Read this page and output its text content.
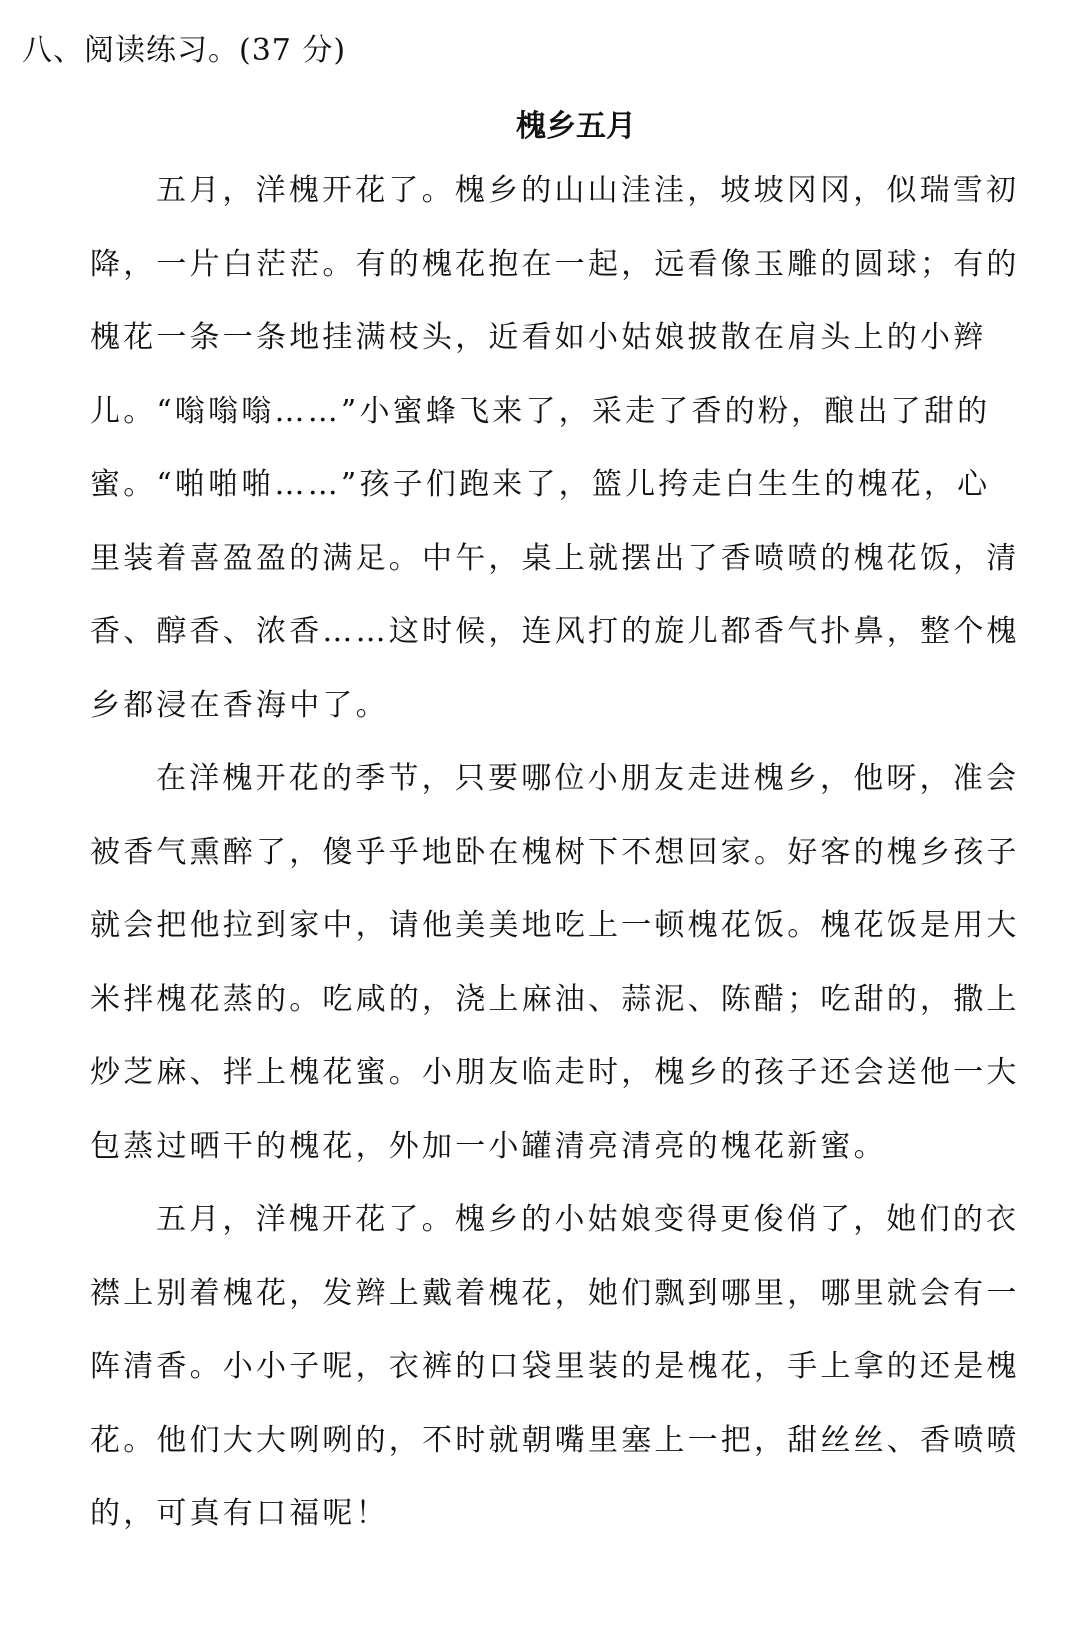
八、阅读练习。(37 分)
槐乡五月
五月，洋槐开花了。槐乡的山山洼洼，坡坡冈冈，似瑞雪初
降，一片白茫茫。有的槐花抱在一起，远看像玉雕的圆球；有的
槐花一条一条地挂满枝头，近看如小姑娘披散在肩头上的小辫
儿。“嗡嗡嗡……”小蜜蜂飞来了，采走了香的粉，酿出了甜的
蜜。“啪啪啪……”孩子们跑来了，篮儿挎走白生生的槐花，心
里装着喜盈盈的满足。中午，桌上就摆出了香喷喷的槐花饭，清
香、醇香、浓香……这时候，连风打的旋儿都香气扑鼻，整个槐
乡都浸在香海中了。
在洋槐开花的季节，只要哪位小朋友走进槐乡，他呀，准会
被香气熏醉了，傻乎乎地卧在槐树下不想回家。好客的槐乡孩子
就会把他拉到家中，请他美美地吃上一顿槐花饭。槐花饭是用大
米拌槐花蒸的。吃咸的，浇上麻油、蒜泥、陈醋；吃甜的，撒上
炒芝麻、拌上槐花蜜。小朋友临走时，槐乡的孩子还会送他一大
包蒸过晒干的槐花，外加一小罐清亮清亮的槐花新蜜。
五月，洋槐开花了。槐乡的小姑娘变得更俊俏了，她们的衣
襟上别着槐花，发辫上戴着槐花，她们飘到哪里，哪里就会有一
阵清香。小小子呢，衣裤的口袋里装的是槐花，手上拿的还是槐
花。他们大大咧咧的，不时就朝嘴里塞上一把，甜丝丝、香喷喷
的，可真有口福呢！
